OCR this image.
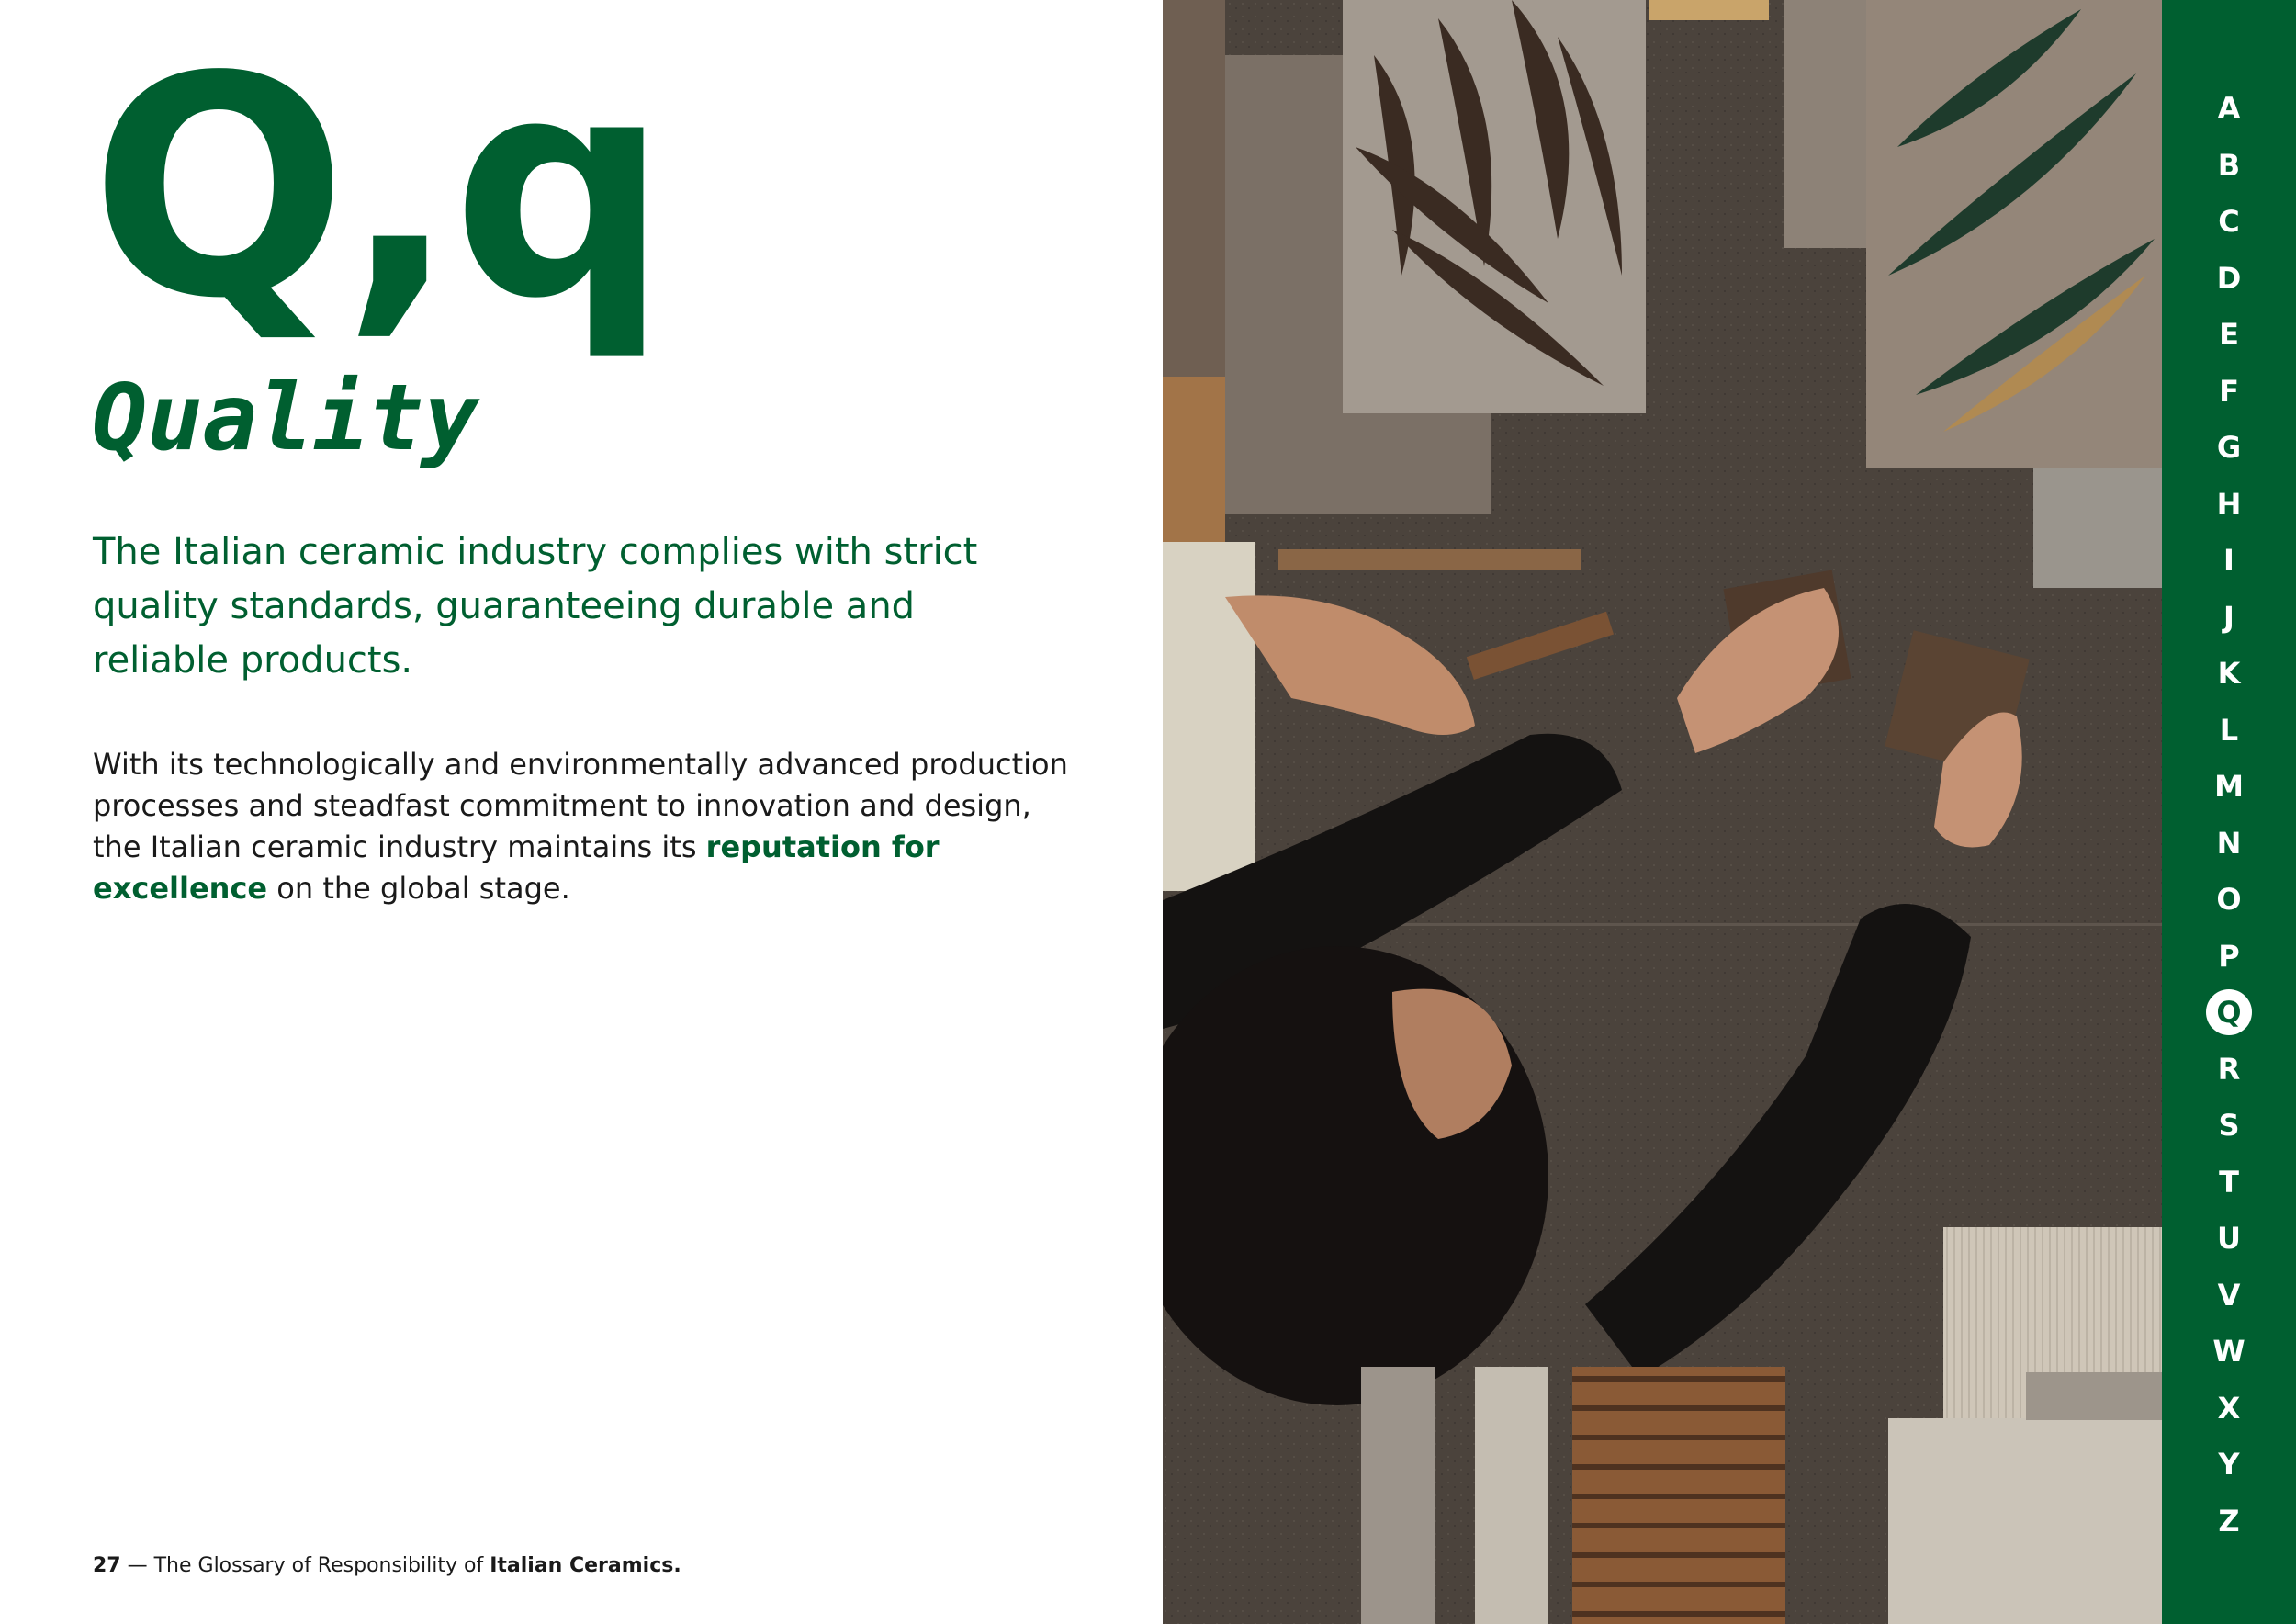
Q,q
Quality

The Italian ceramic industry complies with strict quality standards, guaranteeing durable and reliable products.

With its technologically and environmentally advanced production processes and steadfast commitment to innovation and design, the Italian ceramic industry maintains its reputation for excellence on the global stage.

27 — The Glossary of Responsibility of Italian Ceramics.
A
B
C
D
E
F
G
H
I
J
K
L
M
N
O
P
Q
R
S
T
U
V
W
X
Y
Z
